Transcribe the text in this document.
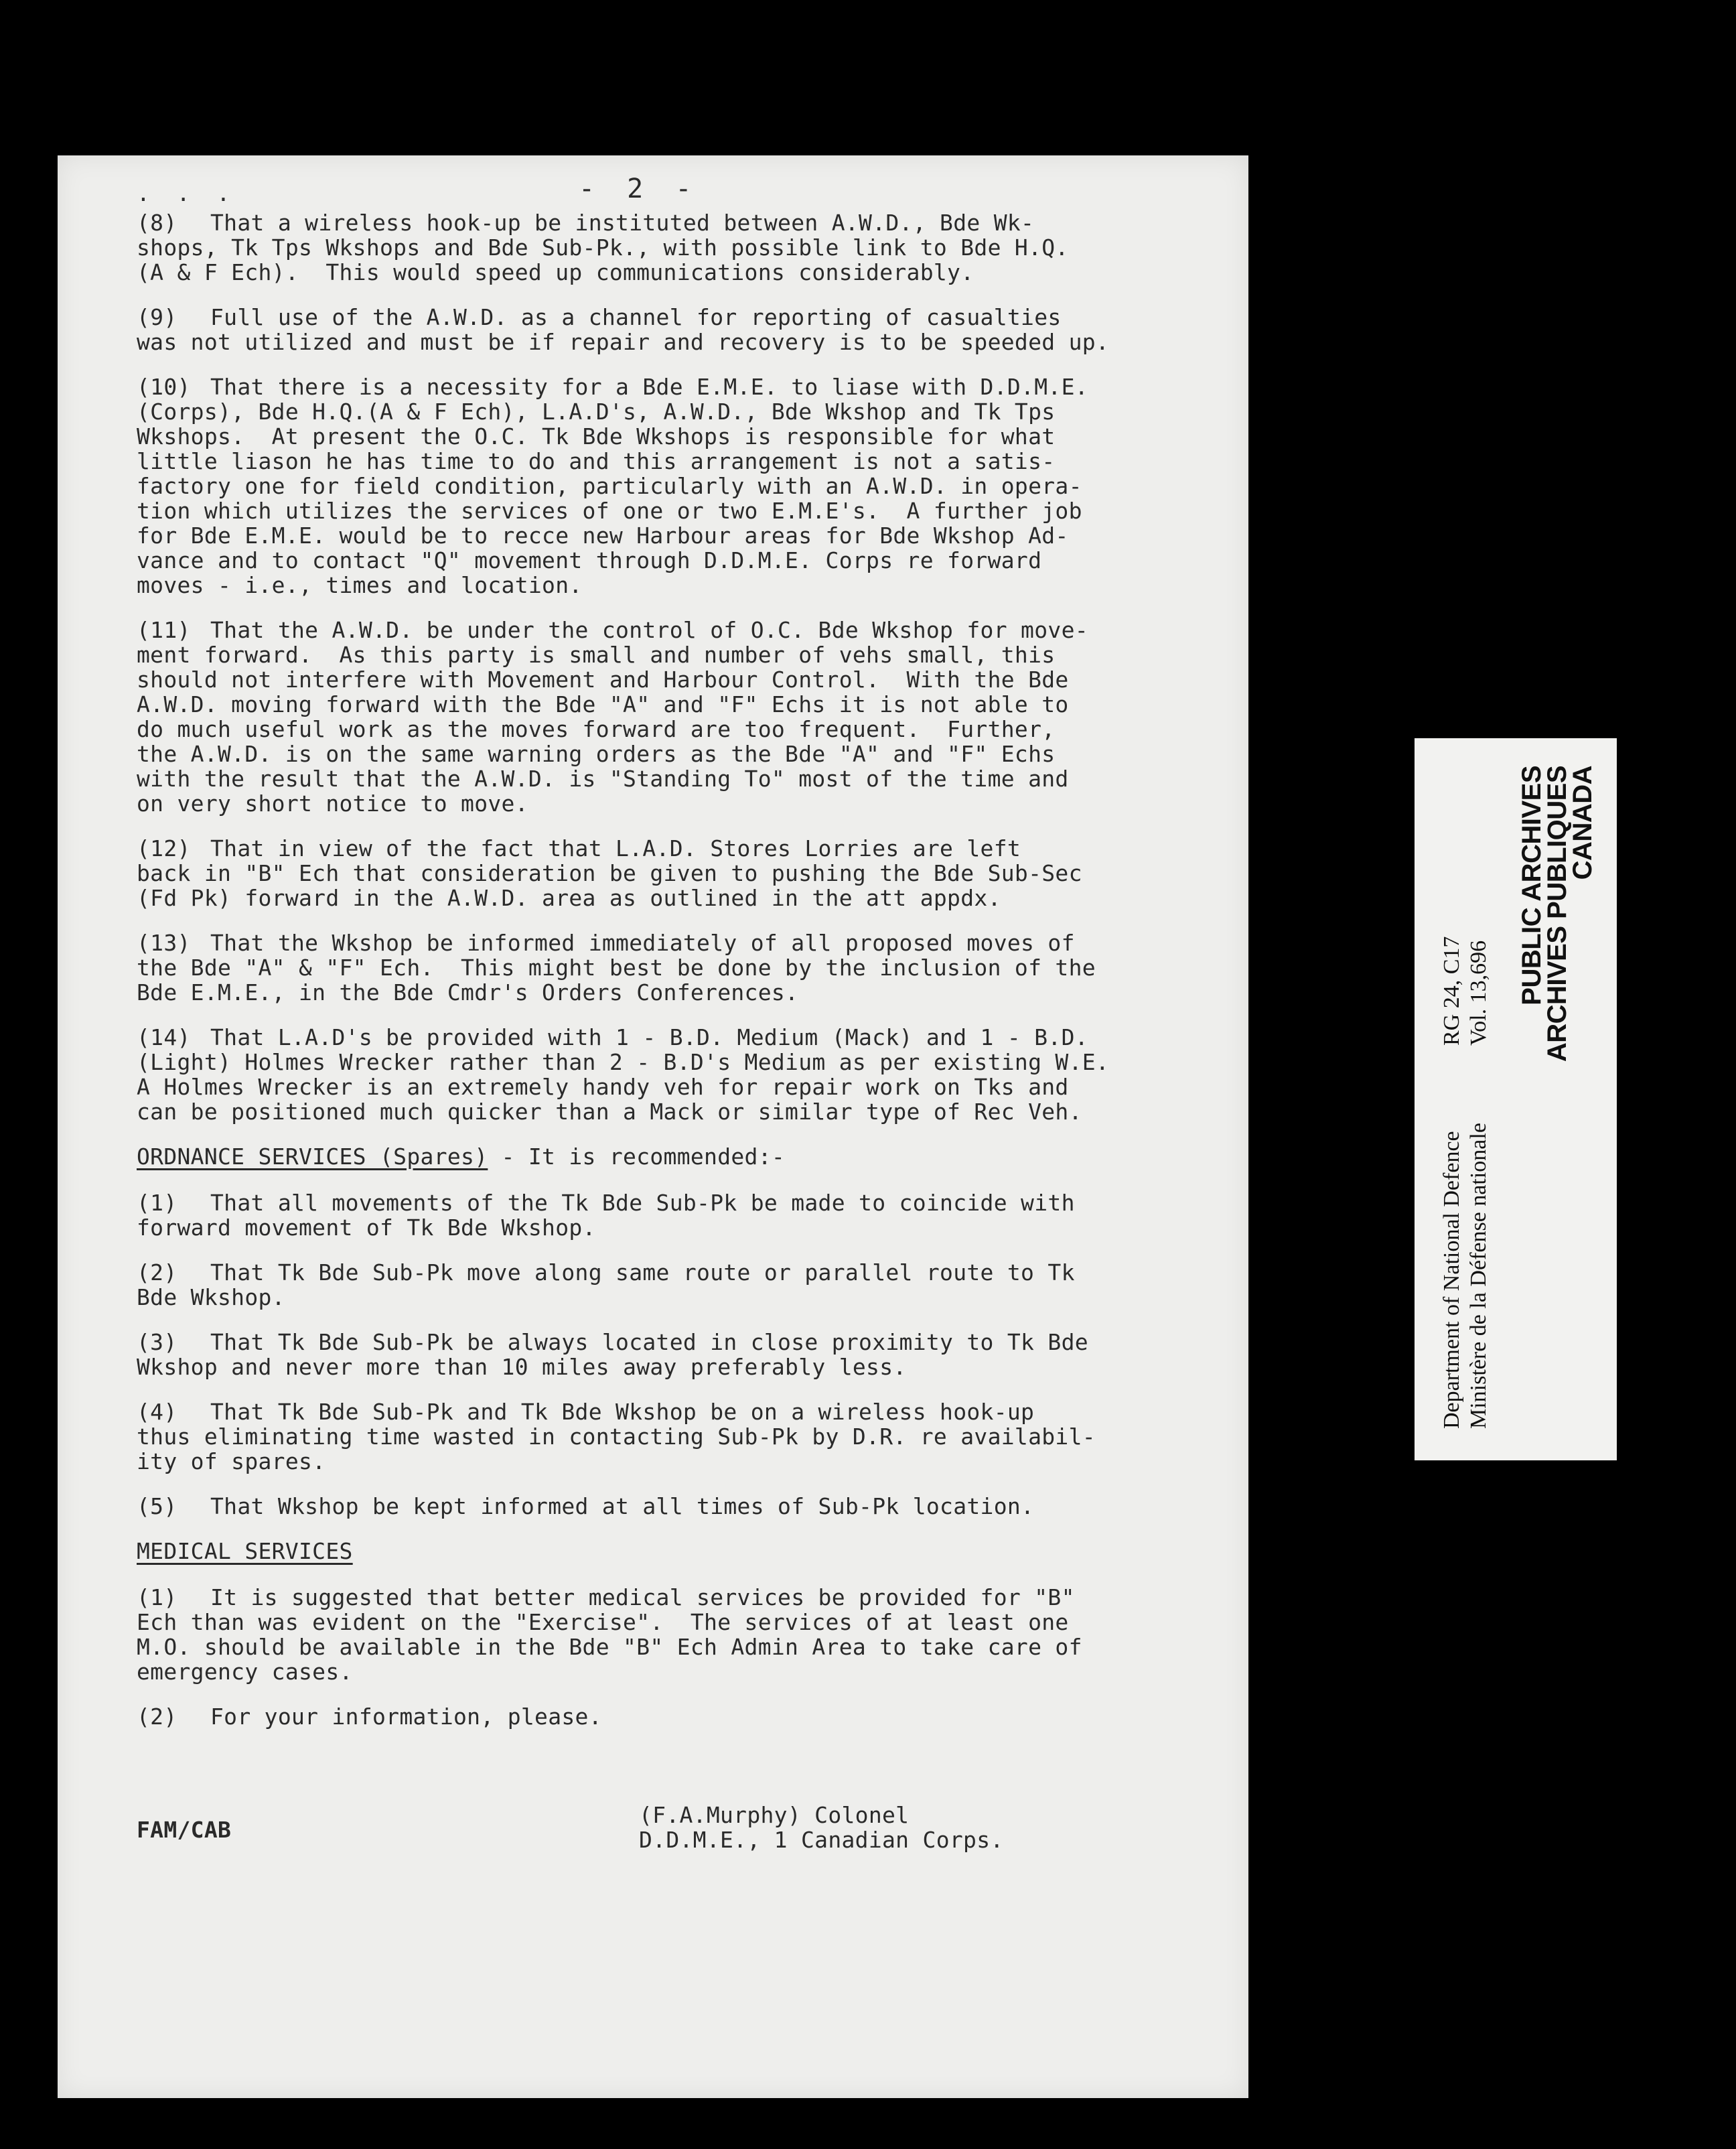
. . .	- 2 -
(8) That a wireless hook-up be instituted between A.W.D., Bde Wk-
shops, Tk Tps Wkshops and Bde Sub-Pk., with possible link to Bde H.Q.
(A & F Ech).  This would speed up communications considerably.
(9) Full use of the A.W.D. as a channel for reporting of casualties
was not utilized and must be if repair and recovery is to be speeded up.
(10) That there is a necessity for a Bde E.M.E. to liase with D.D.M.E.
(Corps), Bde H.Q.(A & F Ech), L.A.D's, A.W.D., Bde Wkshop and Tk Tps
Wkshops.  At present the O.C. Tk Bde Wkshops is responsible for what
little liason he has time to do and this arrangement is not a satis-
factory one for field condition, particularly with an A.W.D. in opera-
tion which utilizes the services of one or two E.M.E's.  A further job
for Bde E.M.E. would be to recce new Harbour areas for Bde Wkshop Ad-
vance and to contact "Q" movement through D.D.M.E. Corps re forward
moves - i.e., times and location.
(11) That the A.W.D. be under the control of O.C. Bde Wkshop for move-
ment forward.  As this party is small and number of vehs small, this
should not interfere with Movement and Harbour Control.  With the Bde
A.W.D. moving forward with the Bde "A" and "F" Echs it is not able to
do much useful work as the moves forward are too frequent.  Further,
the A.W.D. is on the same warning orders as the Bde "A" and "F" Echs
with the result that the A.W.D. is "Standing To" most of the time and
on very short notice to move.
(12) That in view of the fact that L.A.D. Stores Lorries are left
back in "B" Ech that consideration be given to pushing the Bde Sub-Sec
(Fd Pk) forward in the A.W.D. area as outlined in the att appdx.
(13) That the Wkshop be informed immediately of all proposed moves of
the Bde "A" & "F" Ech.  This might best be done by the inclusion of the
Bde E.M.E., in the Bde Cmdr's Orders Conferences.
(14) That L.A.D's be provided with 1 - B.D. Medium (Mack) and 1 - B.D.
(Light) Holmes Wrecker rather than 2 - B.D's Medium as per existing W.E.
A Holmes Wrecker is an extremely handy veh for repair work on Tks and
can be positioned much quicker than a Mack or similar type of Rec Veh.
ORDNANCE SERVICES (Spares) - It is recommended:-
(1) That all movements of the Tk Bde Sub-Pk be made to coincide with
forward movement of Tk Bde Wkshop.
(2) That Tk Bde Sub-Pk move along same route or parallel route to Tk
Bde Wkshop.
(3) That Tk Bde Sub-Pk be always located in close proximity to Tk Bde
Wkshop and never more than 10 miles away preferably less.
(4) That Tk Bde Sub-Pk and Tk Bde Wkshop be on a wireless hook-up
thus eliminating time wasted in contacting Sub-Pk by D.R. re availabil-
ity of spares.
(5) That Wkshop be kept informed at all times of Sub-Pk location.
MEDICAL SERVICES
(1) It is suggested that better medical services be provided for "B"
Ech than was evident on the "Exercise".  The services of at least one
M.O. should be available in the Bde "B" Ech Admin Area to take care of
emergency cases.
(2) For your information, please.
FAM/CAB
(F.A.Murphy) Colonel
D.D.M.E., 1 Canadian Corps.
Department of National Defence Ministère de la Défense nationale
RG 24, C17 Vol. 13,696 PUBLIC ARCHIVES
ARCHIVES PUBLIQUES
CANADA
